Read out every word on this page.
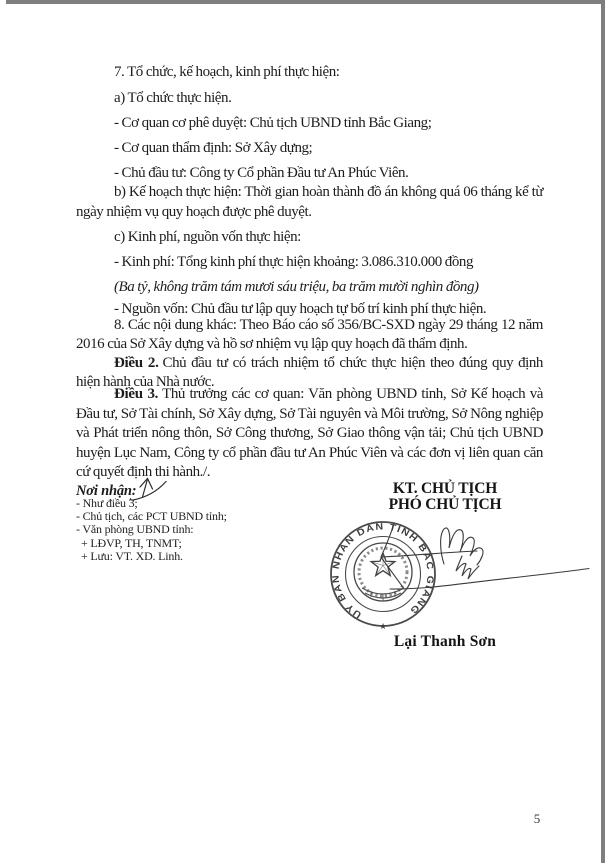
7. Tổ chức, kế hoạch, kinh phí thực hiện:

a) Tổ chức thực hiện.

- Cơ quan cơ phê duyệt: Chủ tịch UBND tỉnh Bắc Giang;

- Cơ quan thẩm định: Sở Xây dựng;

- Chủ đầu tư: Công ty Cổ phần Đầu tư An Phúc Viên.

b) Kế hoạch thực hiện: Thời gian hoàn thành đồ án không quá 06 tháng kể từ ngày nhiệm vụ quy hoạch được phê duyệt.

c) Kinh phí, nguồn vốn thực hiện:

- Kinh phí: Tổng kinh phí thực hiện khoảng: 3.086.310.000 đồng

(Ba tỷ, không trăm tám mươi sáu triệu, ba trăm mười nghìn đồng)

- Nguồn vốn: Chủ đầu tư lập quy hoạch tự bố trí kinh phí thực hiện.

8. Các nội dung khác: Theo Báo cáo số 356/BC-SXD ngày 29 tháng 12 năm 2016 của Sở Xây dựng và hồ sơ nhiệm vụ lập quy hoạch đã thẩm định.

Điều 2. Chủ đầu tư có trách nhiệm tổ chức thực hiện theo đúng quy định hiện hành của Nhà nước.

Điều 3. Thủ trưởng các cơ quan: Văn phòng UBND tỉnh, Sở Kế hoạch và Đầu tư, Sở Tài chính, Sở Xây dựng, Sở Tài nguyên và Môi trường, Sở Nông nghiệp và Phát triển nông thôn, Sở Công thương, Sở Giao thông vận tải; Chủ tịch UBND huyện Lục Nam, Công ty cổ phần đầu tư An Phúc Viên và các đơn vị liên quan căn cứ quyết định thi hành./.

Nơi nhận:
- Như điều 3;
- Chủ tịch, các PCT UBND tỉnh;
- Văn phòng UBND tỉnh:
+ LĐVP, TH, TNMT;
+ Lưu: VT. XD. Linh.
KT. CHỦ TỊCH
PHÓ CHỦ TỊCH
Lại Thanh Sơn
5
ỦY BAN NHÂN DÂN TỈNH BẮC GIANG
★
